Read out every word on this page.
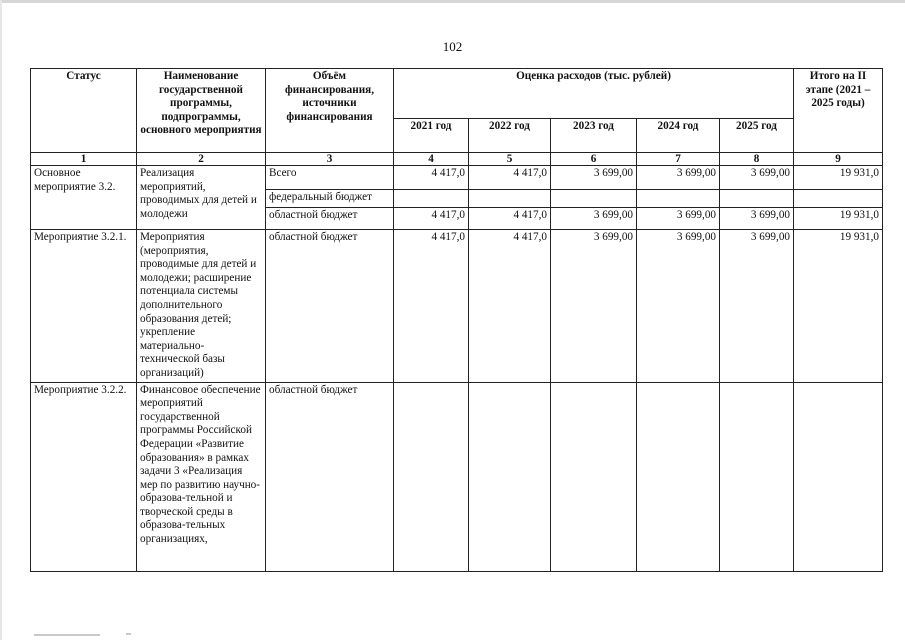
102
Статус	Наименование государственной программы, подпрограммы, основного мероприятия	Объём финансирования, источники финансирования	Оценка расходов (тыс. рублей)					Итого на II этапе (2021 – 2025 годы)
			2021 год	2022 год	2023 год	2024 год	2025 год	
1	2	3	4	5	6	7	8	9
Основное мероприятие 3.2.	Реализация мероприятий, проводимых для детей и молодежи	Всего	4 417,0	4 417,0	3 699,00	3 699,00	3 699,00	19 931,0
		федеральный бюджет						
		областной бюджет	4 417,0	4 417,0	3 699,00	3 699,00	3 699,00	19 931,0
Мероприятие 3.2.1.	Мероприятия (мероприятия, проводимые для детей и молодежи; расширение потенциала системы дополнительного образования детей; укрепление материально-технической базы организаций)	областной бюджет	4 417,0	4 417,0	3 699,00	3 699,00	3 699,00	19 931,0
Мероприятие 3.2.2.	Финансовое обеспечение мероприятий государственной программы Российской Федерации «Развитие образования» в рамках задачи 3 «Реализация мер по развитию научно-образова-тельной и творческой среды в образова-тельных организациях,	областной бюджет						
